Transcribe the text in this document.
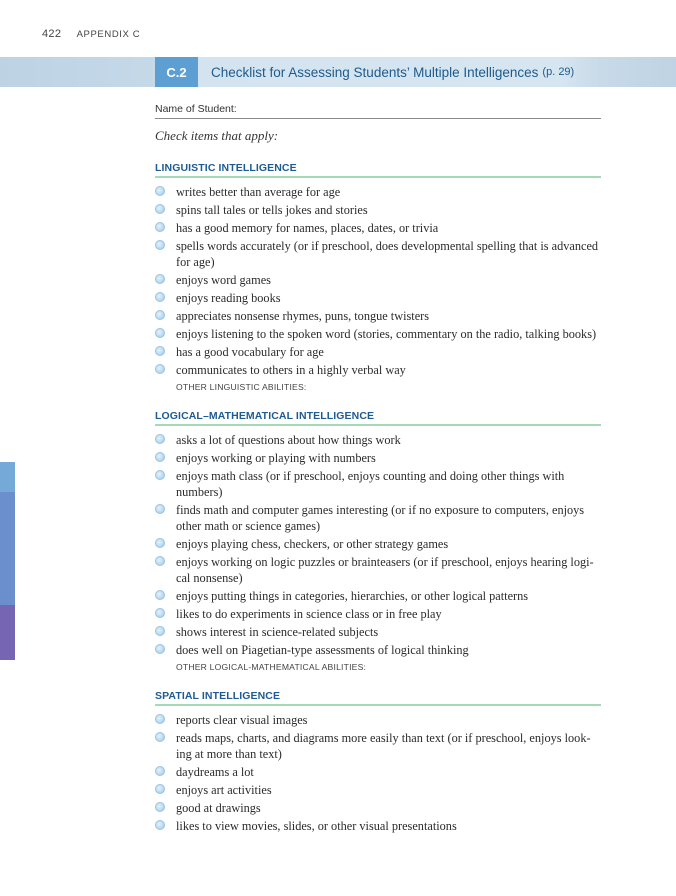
422 APPENDIX C
C.2	Checklist for Assessing Students’ Multiple Intelligences (p. 29)
Name of Student:
Check items that apply:
LINGUISTIC INTELLIGENCE
writes better than average for age
spins tall tales or tells jokes and stories
has a good memory for names, places, dates, or trivia
spells words accurately (or if preschool, does developmental spelling that is advanced for age)
enjoys word games
enjoys reading books
appreciates nonsense rhymes, puns, tongue twisters
enjoys listening to the spoken word (stories, commentary on the radio, talking books)
has a good vocabulary for age
communicates to others in a highly verbal way
OTHER LINGUISTIC ABILITIES:
LOGICAL–MATHEMATICAL INTELLIGENCE
asks a lot of questions about how things work
enjoys working or playing with numbers
enjoys math class (or if preschool, enjoys counting and doing other things with numbers)
finds math and computer games interesting (or if no exposure to computers, enjoys other math or science games)
enjoys playing chess, checkers, or other strategy games
enjoys working on logic puzzles or brainteasers (or if preschool, enjoys hearing logi-cal nonsense)
enjoys putting things in categories, hierarchies, or other logical patterns
likes to do experiments in science class or in free play
shows interest in science-related subjects
does well on Piagetian-type assessments of logical thinking
OTHER LOGICAL-MATHEMATICAL ABILITIES:
SPATIAL INTELLIGENCE
reports clear visual images
reads maps, charts, and diagrams more easily than text (or if preschool, enjoys look-ing at more than text)
daydreams a lot
enjoys art activities
good at drawings
likes to view movies, slides, or other visual presentations
